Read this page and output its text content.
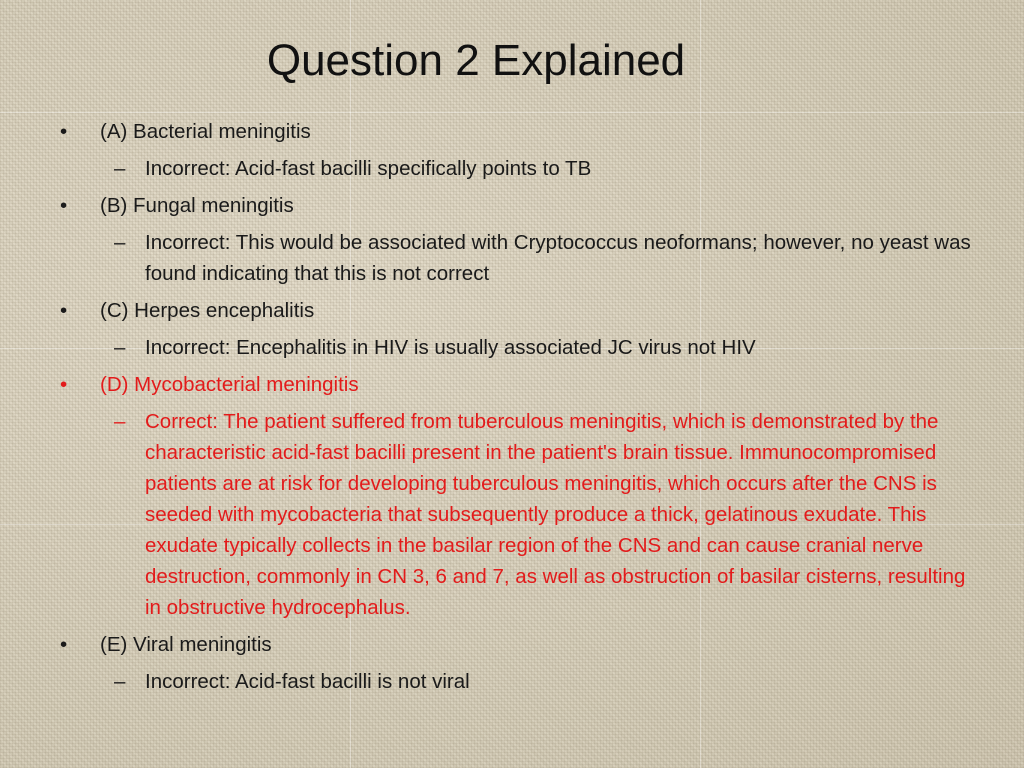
Question 2 Explained
• (A) Bacterial meningitis
– Incorrect: Acid-fast bacilli specifically points to TB
• (B) Fungal meningitis
– Incorrect: This would be associated with Cryptococcus neoformans; however, no yeast was found indicating that this is not correct
• (C) Herpes encephalitis
– Incorrect: Encephalitis in HIV is usually associated JC virus not HIV
• (D) Mycobacterial meningitis
– Correct: The patient suffered from tuberculous meningitis, which is demonstrated by the characteristic acid-fast bacilli present in the patient's brain tissue. Immunocompromised patients are at risk for developing tuberculous meningitis, which occurs after the CNS is seeded with mycobacteria that subsequently produce a thick, gelatinous exudate. This exudate typically collects in the basilar region of the CNS and can cause cranial nerve destruction, commonly in CN 3, 6 and 7, as well as obstruction of basilar cisterns, resulting in obstructive hydrocephalus.
• (E) Viral meningitis
– Incorrect: Acid-fast bacilli is not viral
